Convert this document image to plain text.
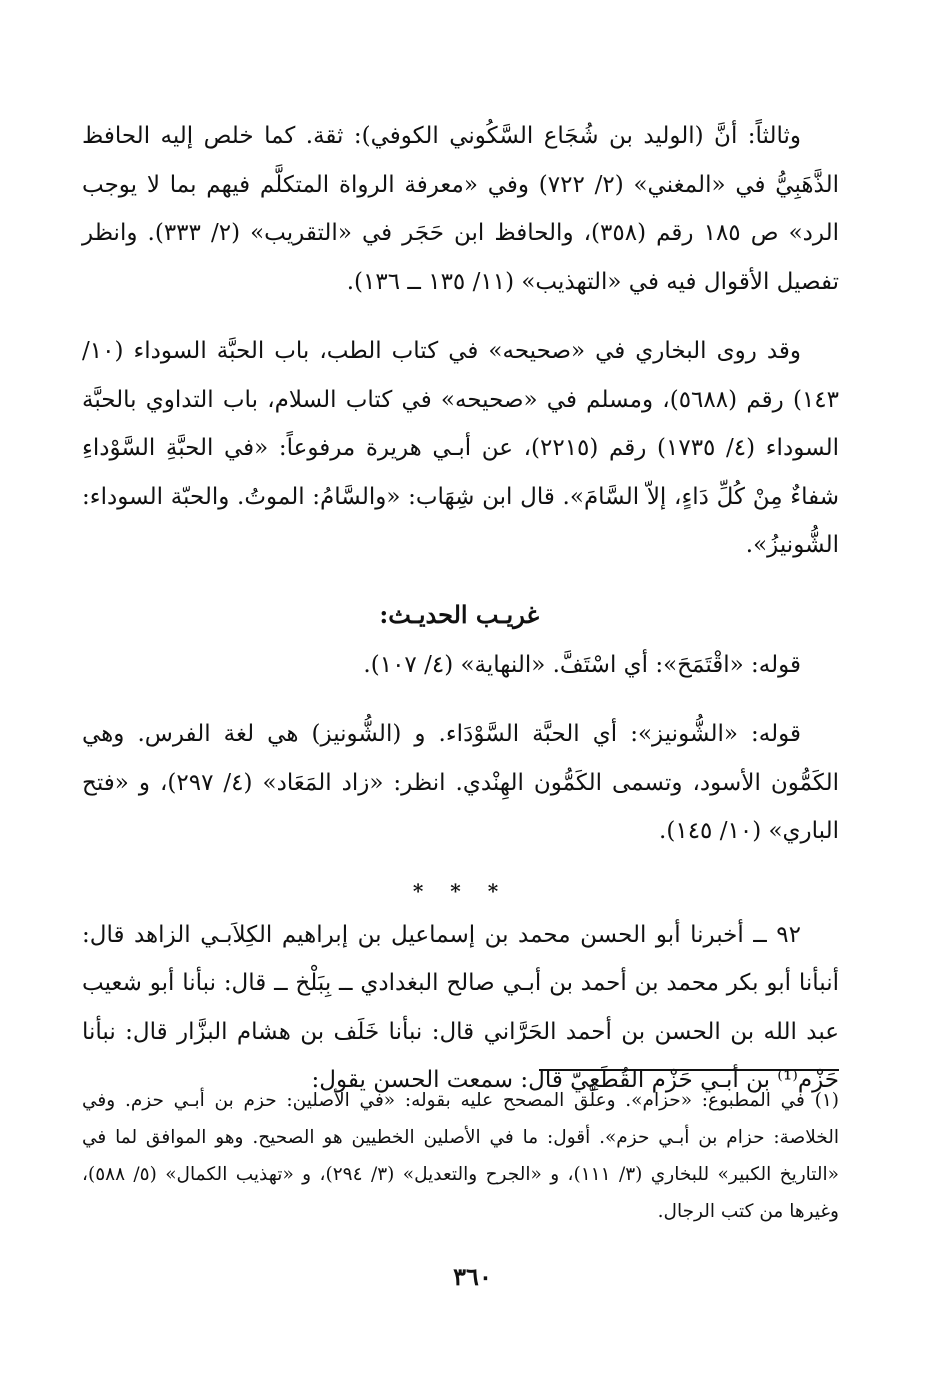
وثالثاً: أنَّ (الوليد بن شُجَاع السَّكُوني الكوفي): ثقة. كما خلص إليه الحافظ الذَّهَبِيُّ في «المغني» (٢/ ٧٢٢) وفي «معرفة الرواة المتكلَّم فيهم بما لا يوجب الرد» ص ١٨٥ رقم (٣٥٨)، والحافظ ابن حَجَر في «التقريب» (٢/ ٣٣٣). وانظر تفصيل الأقوال فيه في «التهذيب» (١١/ ١٣٥ ــ ١٣٦).

وقد روى البخاري في «صحيحه» في كتاب الطب، باب الحبَّة السوداء (١٠/ ١٤٣) رقم (٥٦٨٨)، ومسلم في «صحيحه» في كتاب السلام، باب التداوي بالحبَّة السوداء (٤/ ١٧٣٥) رقم (٢٢١٥)، عن أبـي هريرة مرفوعاً: «في الحبَّةِ السَّوْداءِ شفاءٌ مِنْ كُلِّ دَاءٍ، إلاّ السَّامَ». قال ابن شِهَاب: «والسَّامُ: الموتُ. والحبّة السوداء: الشُّونيزُ».

غريـب الحديـث:

قوله: «اقْتَمَحَ»: أي اسْتَفَّ. «النهاية» (٤/ ١٠٧).

قوله: «الشُّونيز»: أي الحبَّة السَّوْدَاء. و (الشُّونيز) هي لغة الفرس. وهي الكَمُّون الأسود، وتسمى الكَمُّون الهِنْدي. انظر: «زاد المَعَاد» (٤/ ٢٩٧)، و «فتح الباري» (١٠/ ١٤٥).

* * *

٩٢ ــ أخبرنا أبو الحسن محمد بن إسماعيل بن إبراهيم الكِلاَبـي الزاهد قال: أنبأنا أبو بكر محمد بن أحمد بن أبـي صالح البغدادي ــ بِبَلْخ ــ قال: نبأنا أبو شعيب عبد الله بن الحسن بن أحمد الحَرَّاني قال: نبأنا خَلَف بن هشام البزَّار قال: نبأنا حَزْم⁽¹⁾ بن أبـي حَزْم القُطَعِيّ قال: سمعت الحسن يقول:

(١) في المطبوع: «حزام». وعلَّق المصحح عليه بقوله: «في الأصلين: حزم بن أبـي حزم. وفي الخلاصة: حزام بن أبـي حزم». أقول: ما في الأصلين الخطيين هو الصحيح. وهو الموافق لما في «التاريخ الكبير» للبخاري (٣/ ١١١)، و «الجرح والتعديل» (٣/ ٢٩٤)، و «تهذيب الكمال» (٥/ ٥٨٨)، وغيرها من كتب الرجال.
٣٦٠
